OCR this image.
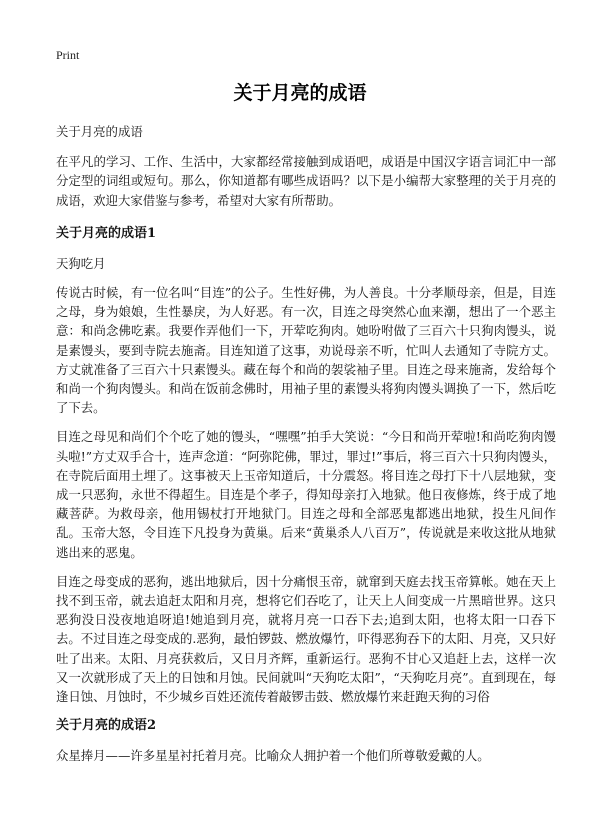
Print
关于月亮的成语

关于月亮的成语

在平凡的学习、工作、生活中，大家都经常接触到成语吧，成语是中国汉字语言词汇中一部分定型的词组或短句。那么，你知道都有哪些成语吗？以下是小编帮大家整理的关于月亮的成语，欢迎大家借鉴与参考，希望对大家有所帮助。

关于月亮的成语1

天狗吃月

传说古时候，有一位名叫“目连”的公子。生性好佛，为人善良。十分孝顺母亲，但是，目连之母，身为娘娘，生性暴戾，为人好恶。有一次，目连之母突然心血来潮，想出了一个恶主意：和尚念佛吃素。我要作弄他们一下，开荤吃狗肉。她吩咐做了三百六十只狗肉馒头，说是素馒头，要到寺院去施斋。目连知道了这事，劝说母亲不听，忙叫人去通知了寺院方丈。方丈就准备了三百六十只素馒头。藏在每个和尚的袈裟袖子里。目连之母来施斋，发给每个和尚一个狗肉馒头。和尚在饭前念佛时，用袖子里的素馒头将狗肉馒头调换了一下，然后吃了下去。

目连之母见和尚们个个吃了她的馒头，“嘿嘿”拍手大笑说：“今日和尚开荤啦!和尚吃狗肉馒头啦!”方丈双手合十，连声念道：“阿弥陀佛，罪过，罪过!”事后，将三百六十只狗肉馒头，在寺院后面用土埋了。这事被天上玉帝知道后，十分震怒。将目连之母打下十八层地狱，变成一只恶狗，永世不得超生。目连是个孝子，得知母亲打入地狱。他日夜修炼，终于成了地藏菩萨。为救母亲，他用锡杖打开地狱门。目连之母和全部恶鬼都逃出地狱，投生凡间作乱。玉帝大怒，令目连下凡投身为黄巢。后来“黄巢杀人八百万”，传说就是来收这批从地狱逃出来的恶鬼。

目连之母变成的恶狗，逃出地狱后，因十分痛恨玉帝，就窜到天庭去找玉帝算帐。她在天上找不到玉帝，就去追赶太阳和月亮，想将它们吞吃了，让天上人间变成一片黑暗世界。这只恶狗没日没夜地追呀追!她追到月亮，就将月亮一口吞下去;追到太阳，也将太阳一口吞下去。不过目连之母变成的.恶狗，最怕锣鼓、燃放爆竹，吓得恶狗吞下的太阳、月亮，又只好吐了出来。太阳、月亮获救后，又日月齐辉，重新运行。恶狗不甘心又追赶上去，这样一次又一次就形成了天上的日蚀和月蚀。民间就叫“天狗吃太阳”，“天狗吃月亮”。直到现在，每逢日蚀、月蚀时，不少城乡百姓还流传着敲锣击鼓、燃放爆竹来赶跑天狗的习俗

关于月亮的成语2

众星捧月——许多星星衬托着月亮。比喻众人拥护着一个他们所尊敬爱戴的人。
